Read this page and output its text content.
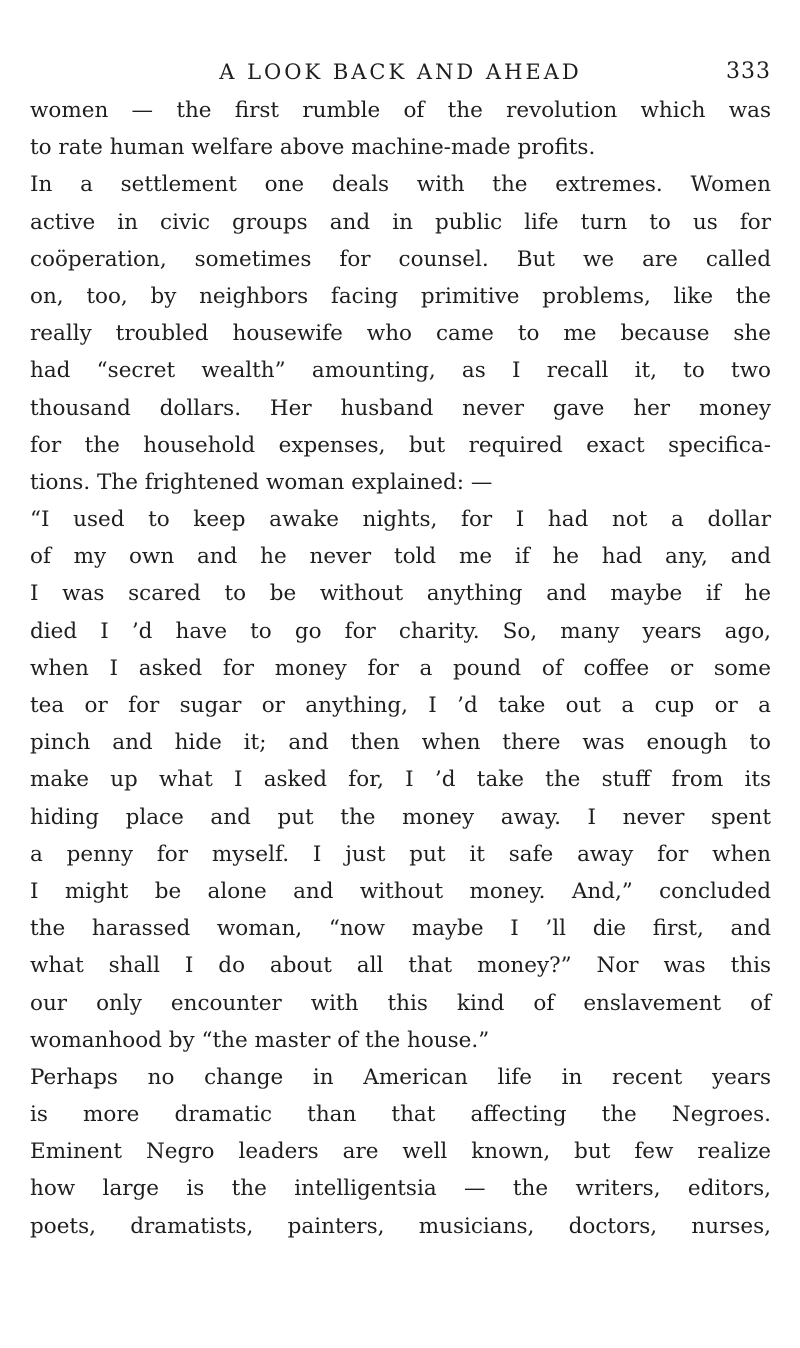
A LOOK BACK AND AHEAD	333
women — the first rumble of the revolution which was
to rate human welfare above machine-made profits.
In a settlement one deals with the extremes. Women
active in civic groups and in public life turn to us for
coöperation, sometimes for counsel. But we are called
on, too, by neighbors facing primitive problems, like the
really troubled housewife who came to me because she
had “secret wealth” amounting, as I recall it, to two
thousand dollars. Her husband never gave her money
for the household expenses, but required exact specifica-
tions. The frightened woman explained: —
“I used to keep awake nights, for I had not a dollar
of my own and he never told me if he had any, and
I was scared to be without anything and maybe if he
died I ’d have to go for charity. So, many years ago,
when I asked for money for a pound of coffee or some
tea or for sugar or anything, I ’d take out a cup or a
pinch and hide it; and then when there was enough to
make up what I asked for, I ’d take the stuff from its
hiding place and put the money away. I never spent
a penny for myself. I just put it safe away for when
I might be alone and without money. And,” concluded
the harassed woman, “now maybe I ’ll die first, and
what shall I do about all that money?” Nor was this
our only encounter with this kind of enslavement of
womanhood by “the master of the house.”
Perhaps no change in American life in recent years
is more dramatic than that affecting the Negroes.
Eminent Negro leaders are well known, but few realize
how large is the intelligentsia — the writers, editors,
poets, dramatists, painters, musicians, doctors, nurses,
